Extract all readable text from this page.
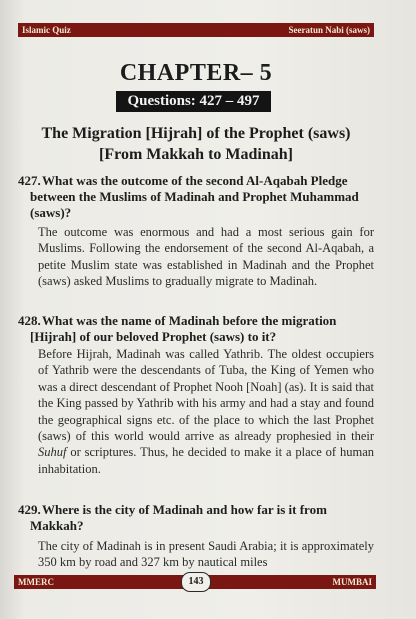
Islamic Quiz	Seeratun Nabi (saws)
CHAPTER– 5
Questions: 427 – 497
The Migration [Hijrah] of the Prophet (saws)
[From Makkah to Madinah]
427. What was the outcome of the second Al-Aqabah Pledge between the Muslims of Madinah and Prophet Muhammad (saws)?
The outcome was enormous and had a most serious gain for Muslims. Following the endorsement of the second Al-Aqabah, a petite Muslim state was established in Madinah and the Prophet (saws) asked Muslims to gradually migrate to Madinah.
428. What was the name of Madinah before the migration [Hijrah] of our beloved Prophet (saws) to it?
Before Hijrah, Madinah was called Yathrib. The oldest occupiers of Yathrib were the descendants of Tuba, the King of Yemen who was a direct descendant of Prophet Nooh [Noah] (as). It is said that the King passed by Yathrib with his army and had a stay and found the geographical signs etc. of the place to which the last Prophet (saws) of this world would arrive as already prophesied in their Suhuf or scriptures. Thus, he decided to make it a place of human inhabitation.
429. Where is the city of Madinah and how far is it from Makkah?
The city of Madinah is in present Saudi Arabia; it is approximately 350 km by road and 327 km by nautical miles
MMERC	MUMBAI
143
